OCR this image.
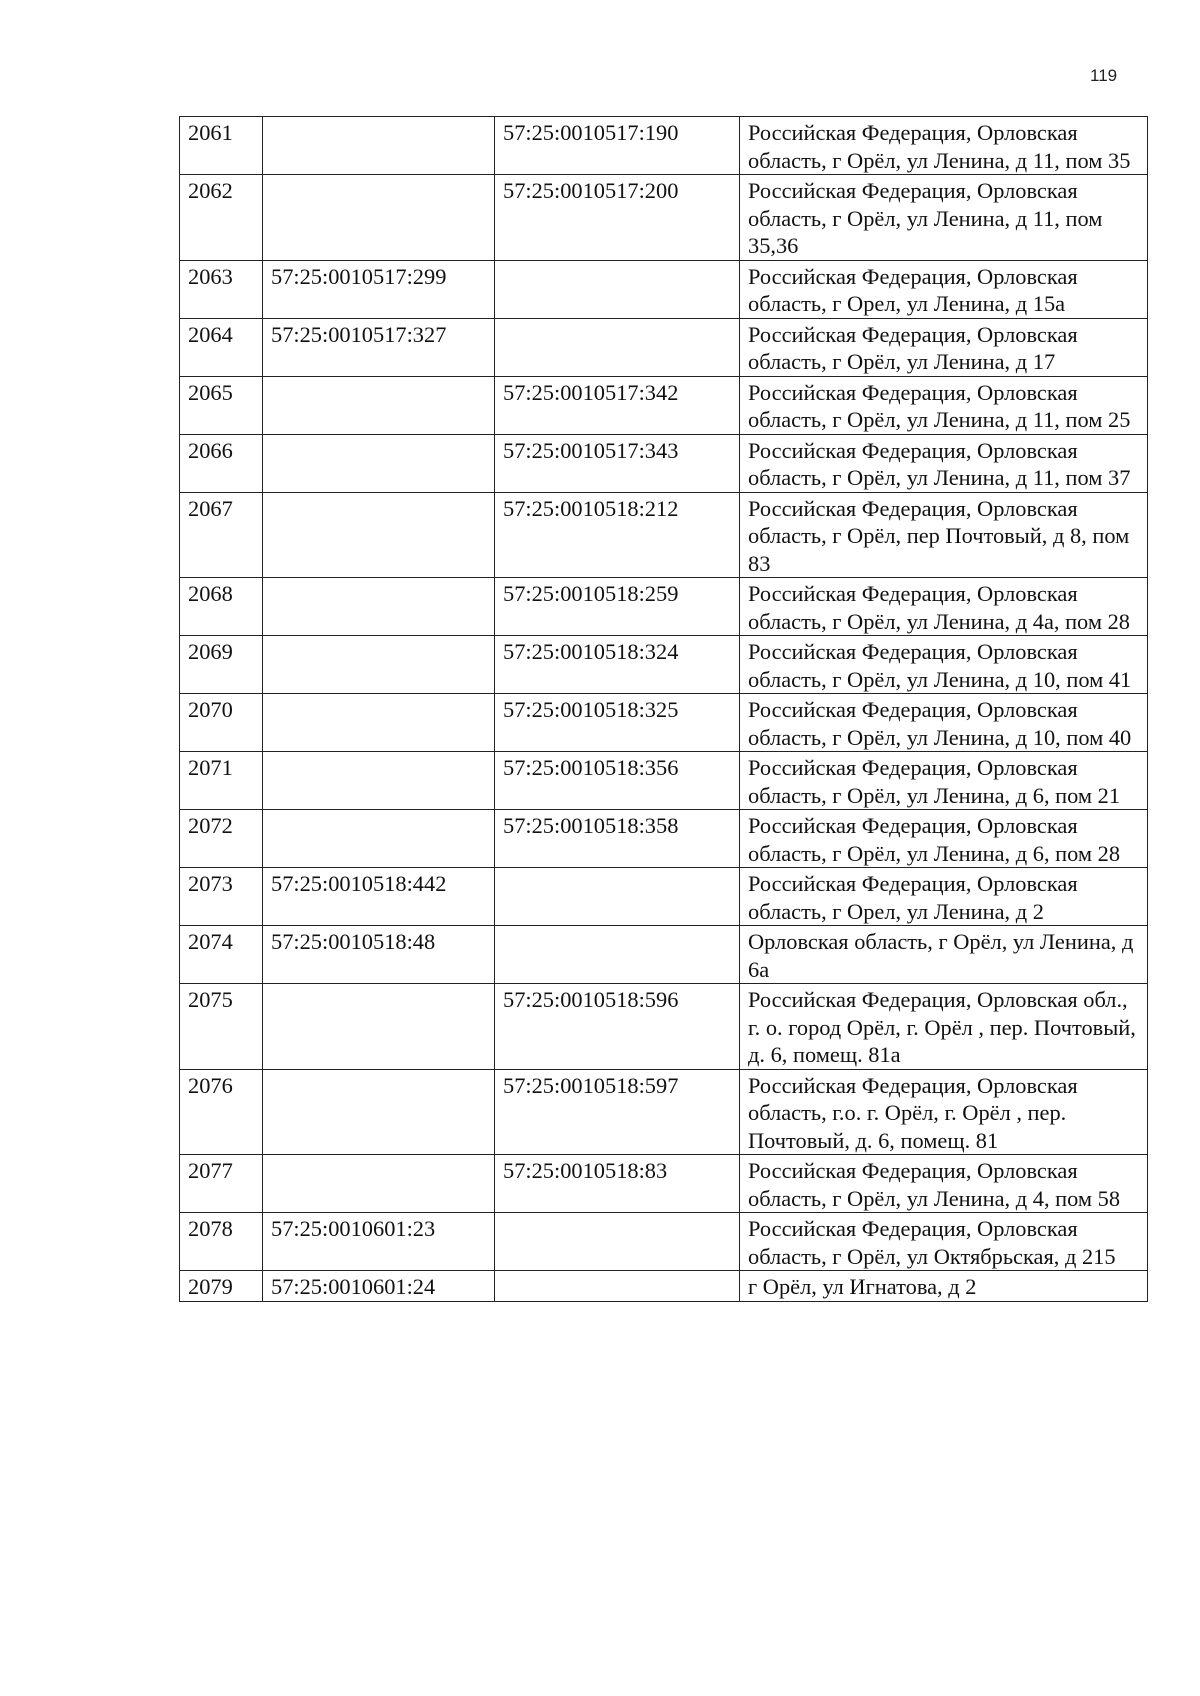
119
2061		57:25:0010517:190	Российская Федерация, Орловская область, г Орёл, ул Ленина, д 11, пом 35
2062		57:25:0010517:200	Российская Федерация, Орловская область, г Орёл, ул Ленина, д 11, пом 35,36
2063	57:25:0010517:299		Российская Федерация, Орловская область, г Орел, ул Ленина, д 15а
2064	57:25:0010517:327		Российская Федерация, Орловская область, г Орёл, ул Ленина, д 17
2065		57:25:0010517:342	Российская Федерация, Орловская область, г Орёл, ул Ленина, д 11, пом 25
2066		57:25:0010517:343	Российская Федерация, Орловская область, г Орёл, ул Ленина, д 11, пом 37
2067		57:25:0010518:212	Российская Федерация, Орловская область, г Орёл, пер Почтовый, д 8, пом 83
2068		57:25:0010518:259	Российская Федерация, Орловская область, г Орёл, ул Ленина, д 4а, пом 28
2069		57:25:0010518:324	Российская Федерация, Орловская область, г Орёл, ул Ленина, д 10, пом 41
2070		57:25:0010518:325	Российская Федерация, Орловская область, г Орёл, ул Ленина, д 10, пом 40
2071		57:25:0010518:356	Российская Федерация, Орловская область, г Орёл, ул Ленина, д 6, пом 21
2072		57:25:0010518:358	Российская Федерация, Орловская область, г Орёл, ул Ленина, д 6, пом 28
2073	57:25:0010518:442		Российская Федерация, Орловская область, г Орел, ул Ленина, д 2
2074	57:25:0010518:48		Орловская область, г Орёл, ул Ленина, д 6а
2075		57:25:0010518:596	Российская Федерация, Орловская обл., г. о. город Орёл, г. Орёл , пер. Почтовый, д. 6, помещ. 81а
2076		57:25:0010518:597	Российская Федерация, Орловская область, г.о. г. Орёл, г. Орёл , пер. Почтовый, д. 6, помещ. 81
2077		57:25:0010518:83	Российская Федерация, Орловская область, г Орёл, ул Ленина, д 4, пом 58
2078	57:25:0010601:23		Российская Федерация, Орловская область, г Орёл, ул Октябрьская, д 215
2079	57:25:0010601:24		г Орёл, ул Игнатова, д 2
